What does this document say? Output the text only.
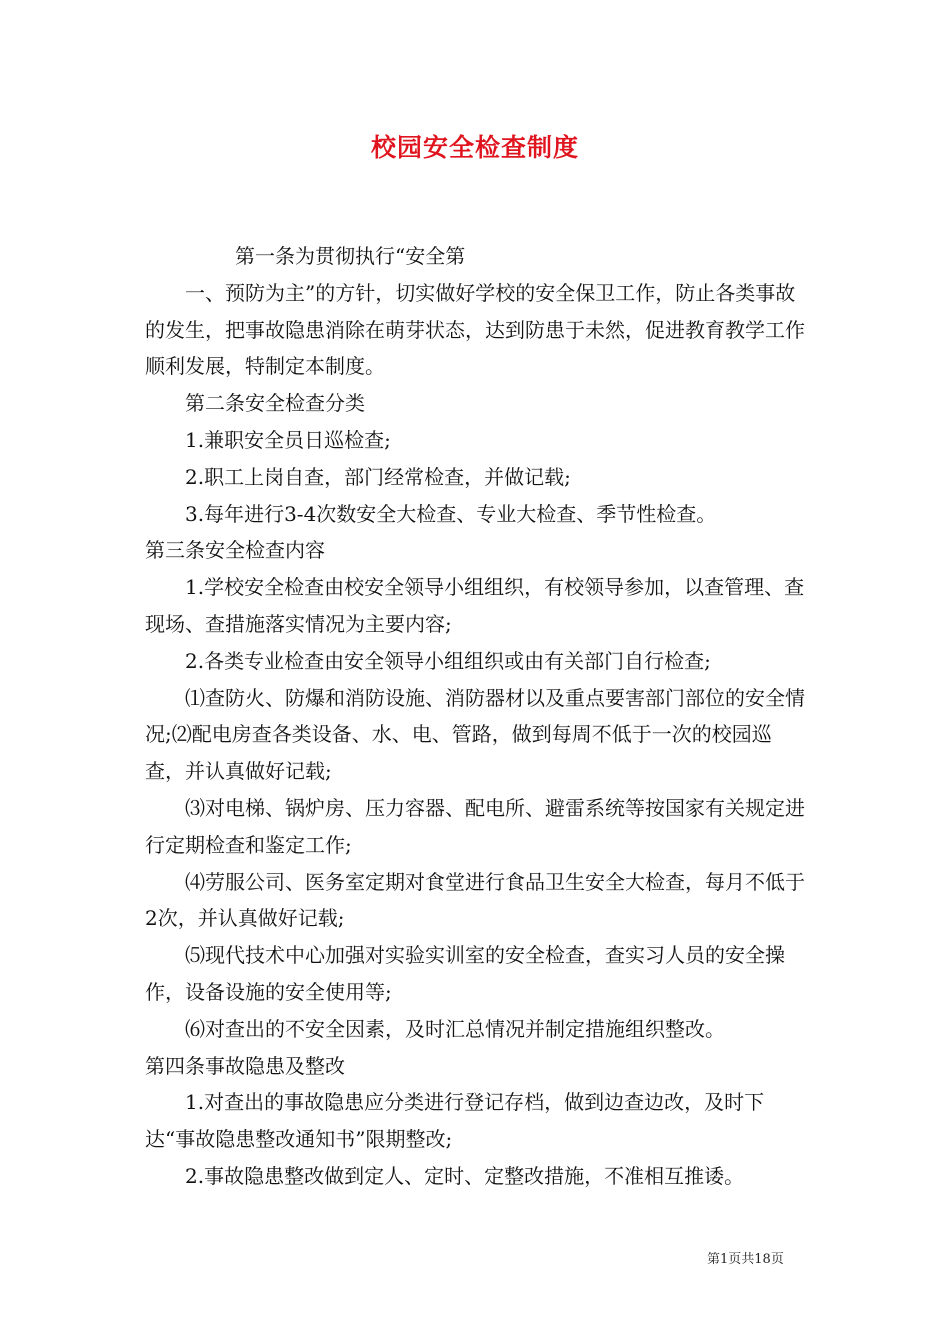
校园安全检查制度

第一条为贯彻执行“安全第

一、预防为主”的方针，切实做好学校的安全保卫工作，防止各类事故的发生，把事故隐患消除在萌芽状态，达到防患于未然，促进教育教学工作顺利发展，特制定本制度。

第二条安全检查分类

1.兼职安全员日巡检查;

2.职工上岗自查，部门经常检查，并做记载;

3.每年进行3-4次数安全大检查、专业大检查、季节性检查。

第三条安全检查内容

1.学校安全检查由校安全领导小组组织，有校领导参加，以查管理、查现场、查措施落实情况为主要内容;

2.各类专业检查由安全领导小组组织或由有关部门自行检查;

⑴查防火、防爆和消防设施、消防器材以及重点要害部门部位的安全情况;⑵配电房查各类设备、水、电、管路，做到每周不低于一次的校园巡查，并认真做好记载;

⑶对电梯、锅炉房、压力容器、配电所、避雷系统等按国家有关规定进行定期检查和鉴定工作;

⑷劳服公司、医务室定期对食堂进行食品卫生安全大检查，每月不低于2次，并认真做好记载;

⑸现代技术中心加强对实验实训室的安全检查，查实习人员的安全操作，设备设施的安全使用等;

⑹对查出的不安全因素，及时汇总情况并制定措施组织整改。

第四条事故隐患及整改

1.对查出的事故隐患应分类进行登记存档，做到边查边改，及时下达“事故隐患整改通知书”限期整改;

2.事故隐患整改做到定人、定时、定整改措施，不准相互推诿。

第1页共18页
